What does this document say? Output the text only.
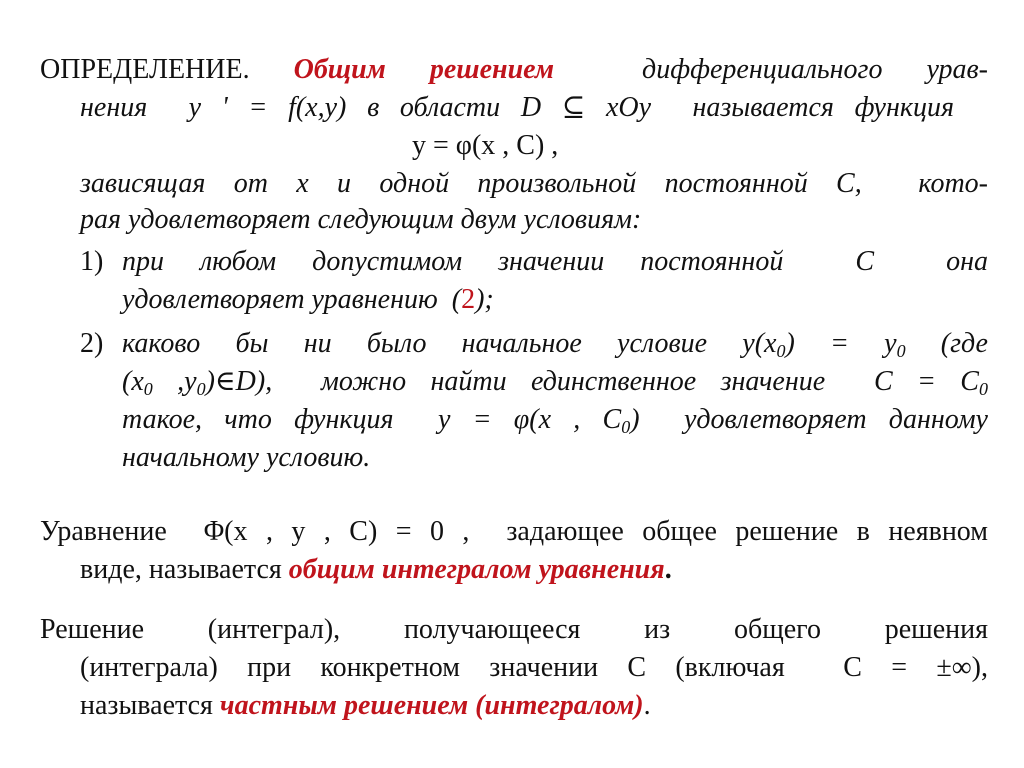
ОПРЕДЕЛЕНИЕ. Общим решением	дифференциального урав-
нения  y ' = f(x,y) в области D ⊆ xOy  называется функция
y = φ(x , C) ,
зависящая от x и одной произвольной постоянной C,  кото-
рая удовлетворяет следующим двум условиям:
1) при любом допустимом значении постоянной  C  она
удовлетворяет уравнению  (2);
2) каково бы ни было начальное условие $y(x_0) = y_0$ (где
($x_0$ $,y_0)\in D$),  можно найти единственное значение  $C = C_0$
такое, что функция  y = φ(x , $C_0$)  удовлетворяет данному
начальному условию.
Уравнение  Φ(x , y , C) = 0 ,  задающее общее решение в неявном
виде, называется общим интегралом уравнения.
Решение  (интеграл),  получающееся  из  общего  решения
(интеграла) при конкретном значении C (включая  C = ±∞),
называется частным решением (интегралом).
